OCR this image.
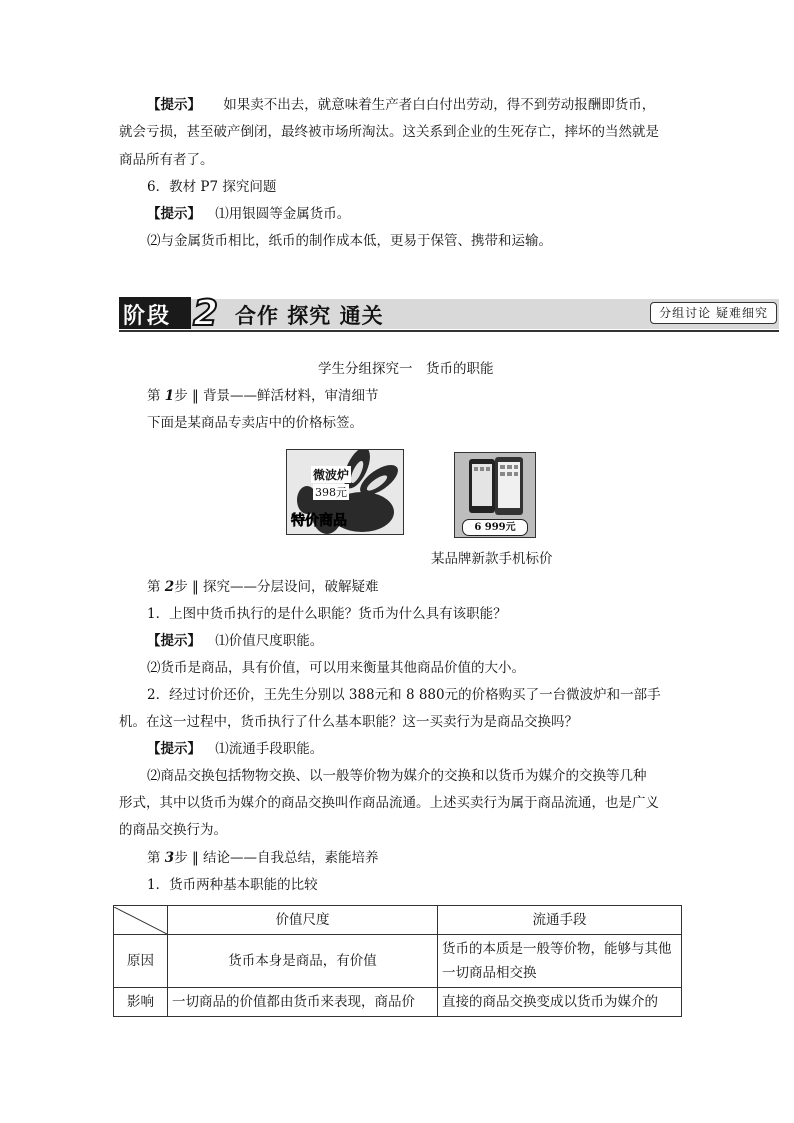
【提示】 如果卖不出去，就意味着生产者白白付出劳动，得不到劳动报酬即货币，
就会亏损，甚至破产倒闭，最终被市场所淘汰。这关系到企业的生死存亡，摔坏的当然就是
商品所有者了。
6．教材 P7 探究问题
【提示】 ⑴用银圆等金属货币。
⑵与金属货币相比，纸币的制作成本低，更易于保管、携带和运输。
阶段 2 合作 探究 通关	分组讨论 疑难细究
学生分组探究一　货币的职能
第 1步 ‖ 背景——鲜活材料，审清细节
下面是某商品专卖店中的价格标签。
微波炉
398元
特价商品	6 999元
某品牌新款手机标价
第 2步 ‖ 探究——分层设问，破解疑难
1．上图中货币执行的是什么职能？货币为什么具有该职能？
【提示】 ⑴价值尺度职能。
⑵货币是商品，具有价值，可以用来衡量其他商品价值的大小。
2．经过讨价还价，王先生分别以 388元和 8 880元的价格购买了一台微波炉和一部手
机。在这一过程中，货币执行了什么基本职能？这一买卖行为是商品交换吗？
【提示】 ⑴流通手段职能。
⑵商品交换包括物物交换、以一般等价物为媒介的交换和以货币为媒介的交换等几种
形式，其中以货币为媒介的商品交换叫作商品流通。上述买卖行为属于商品流通，也是广义
的商品交换行为。
第 3步 ‖ 结论——自我总结，素能培养
1．货币两种基本职能的比较
	价值尺度	流通手段
原因	货币本身是商品，有价值	货币的本质是一般等价物，能够与其他一切商品相交换
影响	一切商品的价值都由货币来表现，商品价	直接的商品交换变成以货币为媒介的
